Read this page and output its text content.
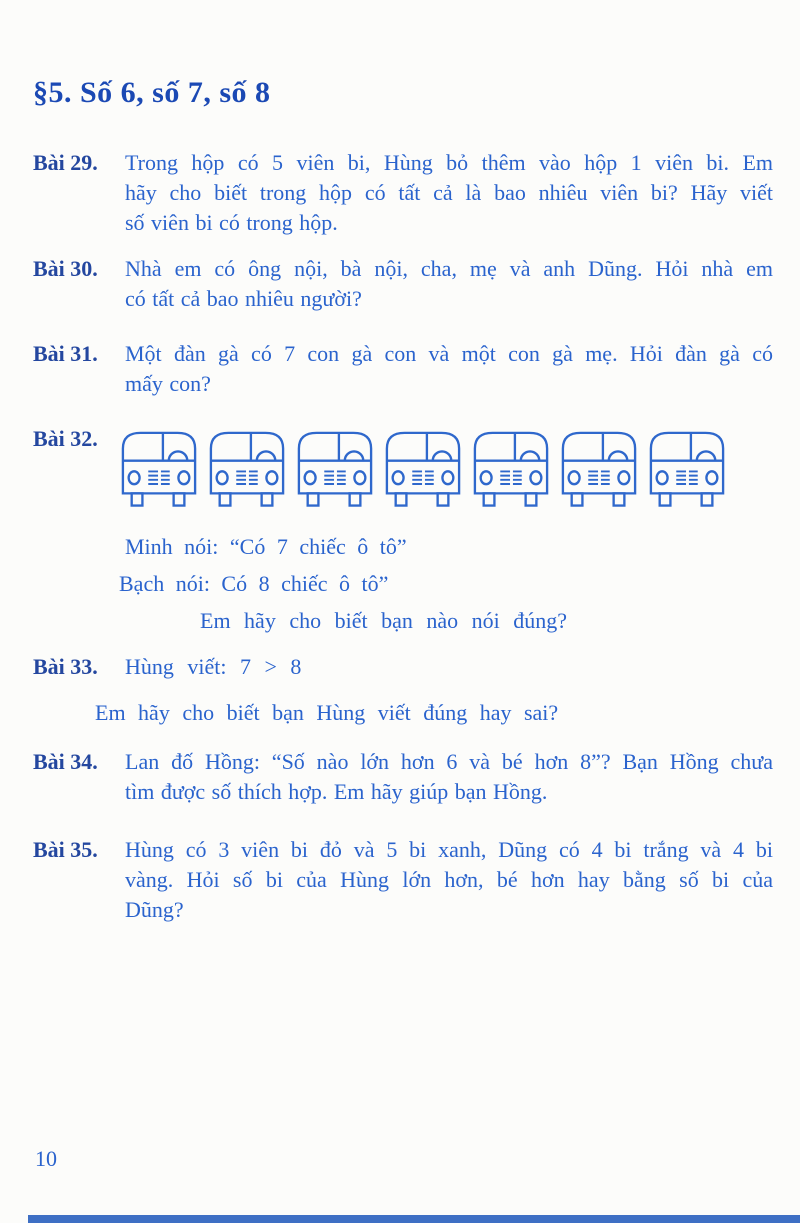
§5. Số 6, số 7, số 8
Bài 29. Trong hộp có 5 viên bi, Hùng bỏ thêm vào hộp 1 viên bi. Em
hãy cho biết trong hộp có tất cả là bao nhiêu viên bi? Hãy viết
số viên bi có trong hộp.
Bài 30. Nhà em có ông nội, bà nội, cha, mẹ và anh Dũng. Hỏi nhà em
có tất cả bao nhiêu người?
Bài 31. Một đàn gà có 7 con gà con và một con gà mẹ. Hỏi đàn gà có
mấy con?
Bài 32.
Minh nói: “Có 7 chiếc ô tô”
Bạch nói: Có 8 chiếc ô tô”
Em hãy cho biết bạn nào nói đúng?
Bài 33. Hùng viết: 7 > 8
Em hãy cho biết bạn Hùng viết đúng hay sai?
Bài 34. Lan đố Hồng: “Số nào lớn hơn 6 và bé hơn 8”? Bạn Hồng chưa
tìm được số thích hợp. Em hãy giúp bạn Hồng.
Bài 35. Hùng có 3 viên bi đỏ và 5 bi xanh, Dũng có 4 bi trắng và 4 bi
vàng. Hỏi số bi của Hùng lớn hơn, bé hơn hay bằng số bi của
Dũng?
10
